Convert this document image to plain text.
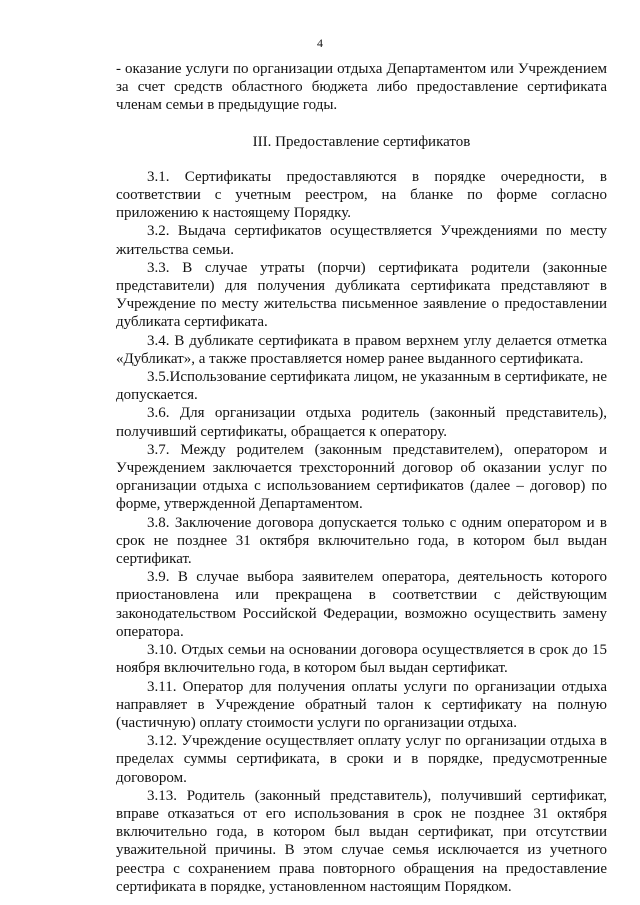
4

- оказание услуги по организации отдыха Департаментом или Учреждением за счет средств областного бюджета либо предоставление сертификата членам семьи в предыдущие годы.

III. Предоставление сертификатов

3.1. Сертификаты предоставляются в порядке очередности, в соответствии с учетным реестром, на бланке по форме согласно приложению к настоящему Порядку.

3.2. Выдача сертификатов осуществляется Учреждениями по месту жительства семьи.

3.3. В случае утраты (порчи) сертификата родители (законные представители) для получения дубликата сертификата представляют в Учреждение по месту жительства письменное заявление о предоставлении дубликата сертификата.

3.4. В дубликате сертификата в правом верхнем углу делается отметка «Дубликат», а также проставляется номер ранее выданного сертификата.

3.5.Использование сертификата лицом, не указанным в сертификате, не допускается.

3.6. Для организации отдыха родитель (законный представитель), получивший сертификаты, обращается к оператору.

3.7. Между родителем (законным представителем), оператором и Учреждением заключается трехсторонний договор об оказании услуг по организации отдыха с использованием сертификатов (далее – договор) по форме, утвержденной Департаментом.

3.8. Заключение договора допускается только с одним оператором и в срок не позднее 31 октября включительно года, в котором был выдан сертификат.

3.9. В случае выбора заявителем оператора, деятельность которого приостановлена или прекращена в соответствии с действующим законодательством Российской Федерации, возможно осуществить замену оператора.

3.10. Отдых семьи на основании договора осуществляется в срок до 15 ноября включительно года, в котором был выдан сертификат.

3.11. Оператор для получения оплаты услуги по организации отдыха направляет в Учреждение обратный талон к сертификату на полную (частичную) оплату стоимости услуги по организации отдыха.

3.12. Учреждение осуществляет оплату услуг по организации отдыха в пределах суммы сертификата, в сроки и в порядке, предусмотренные договором.

3.13. Родитель (законный представитель), получивший сертификат, вправе отказаться от его использования в срок не позднее 31 октября включительно года, в котором был выдан сертификат, при отсутствии уважительной причины. В этом случае семья исключается из учетного реестра с сохранением права повторного обращения на предоставление сертификата в порядке, установленном настоящим Порядком.
